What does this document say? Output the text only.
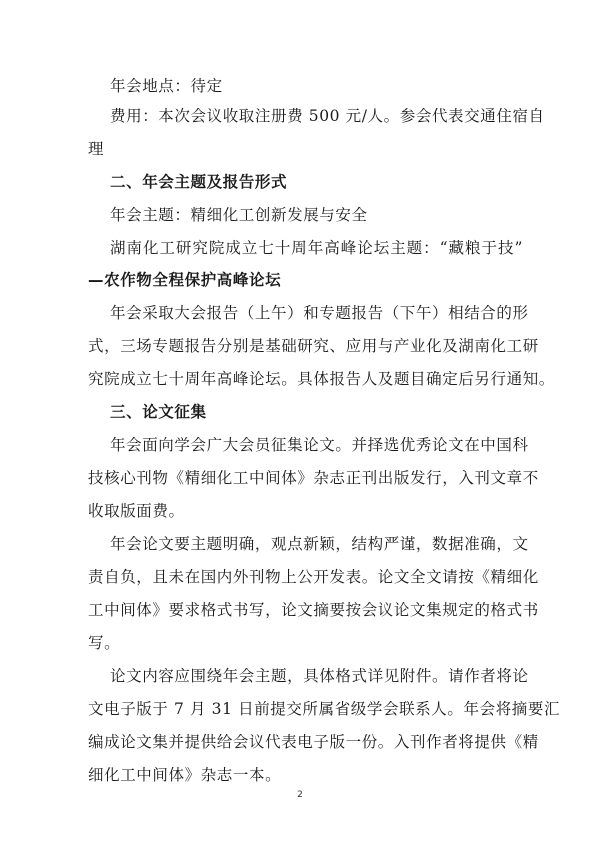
年会地点：待定
费用：本次会议收取注册费 500 元/人。参会代表交通住宿自
理
二、年会主题及报告形式
年会主题：精细化工创新发展与安全
湖南化工研究院成立七十周年高峰论坛主题：“藏粮于技”
—农作物全程保护高峰论坛
年会采取大会报告（上午）和专题报告（下午）相结合的形
式，三场专题报告分别是基础研究、应用与产业化及湖南化工研
究院成立七十周年高峰论坛。具体报告人及题目确定后另行通知。
三、论文征集
年会面向学会广大会员征集论文。并择选优秀论文在中国科
技核心刊物《精细化工中间体》杂志正刊出版发行，入刊文章不
收取版面费。
年会论文要主题明确，观点新颖，结构严谨，数据准确，文
责自负，且未在国内外刊物上公开发表。论文全文请按《精细化
工中间体》要求格式书写，论文摘要按会议论文集规定的格式书
写。
论文内容应围绕年会主题，具体格式详见附件。请作者将论
文电子版于 7 月 31 日前提交所属省级学会联系人。年会将摘要汇
编成论文集并提供给会议代表电子版一份。入刊作者将提供《精
细化工中间体》杂志一本。
2
